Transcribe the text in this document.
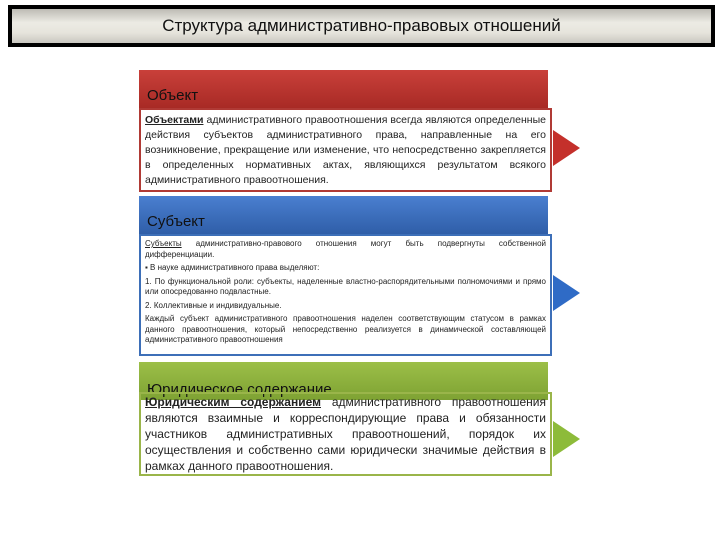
Структура административно-правовых отношений
Объект
Объектами административного правоотношения всегда являются определенные действия субъектов административного права, направленные на его возникновение, прекращение или изменение, что непосредственно закрепляется в определенных нормативных актах, являющихся результатом всякого административного правоотношения.
Субъект

Субъекты административно-правового отношения могут быть подвергнуты собственной дифференциации.

▪ В науке административного права выделяют:

1. По функциональной роли: субъекты, наделенные властно-распорядительными полномочиями и прямо или опосредованно подвластные.

2. Коллективные и индивидуальные.

Каждый субъект административного правоотношения наделен соответствующим статусом в рамках данного правоотношения, который непосредственно реализуется в динамической составляющей административного правоотношения

Юридическое содержание
Юридическим содержанием административного правоотношения являются взаимные и корреспондирующие права и обязанности участников административных правоотношений, порядок их осуществления и собственно сами юридически значимые действия в рамках данного правоотношения.
